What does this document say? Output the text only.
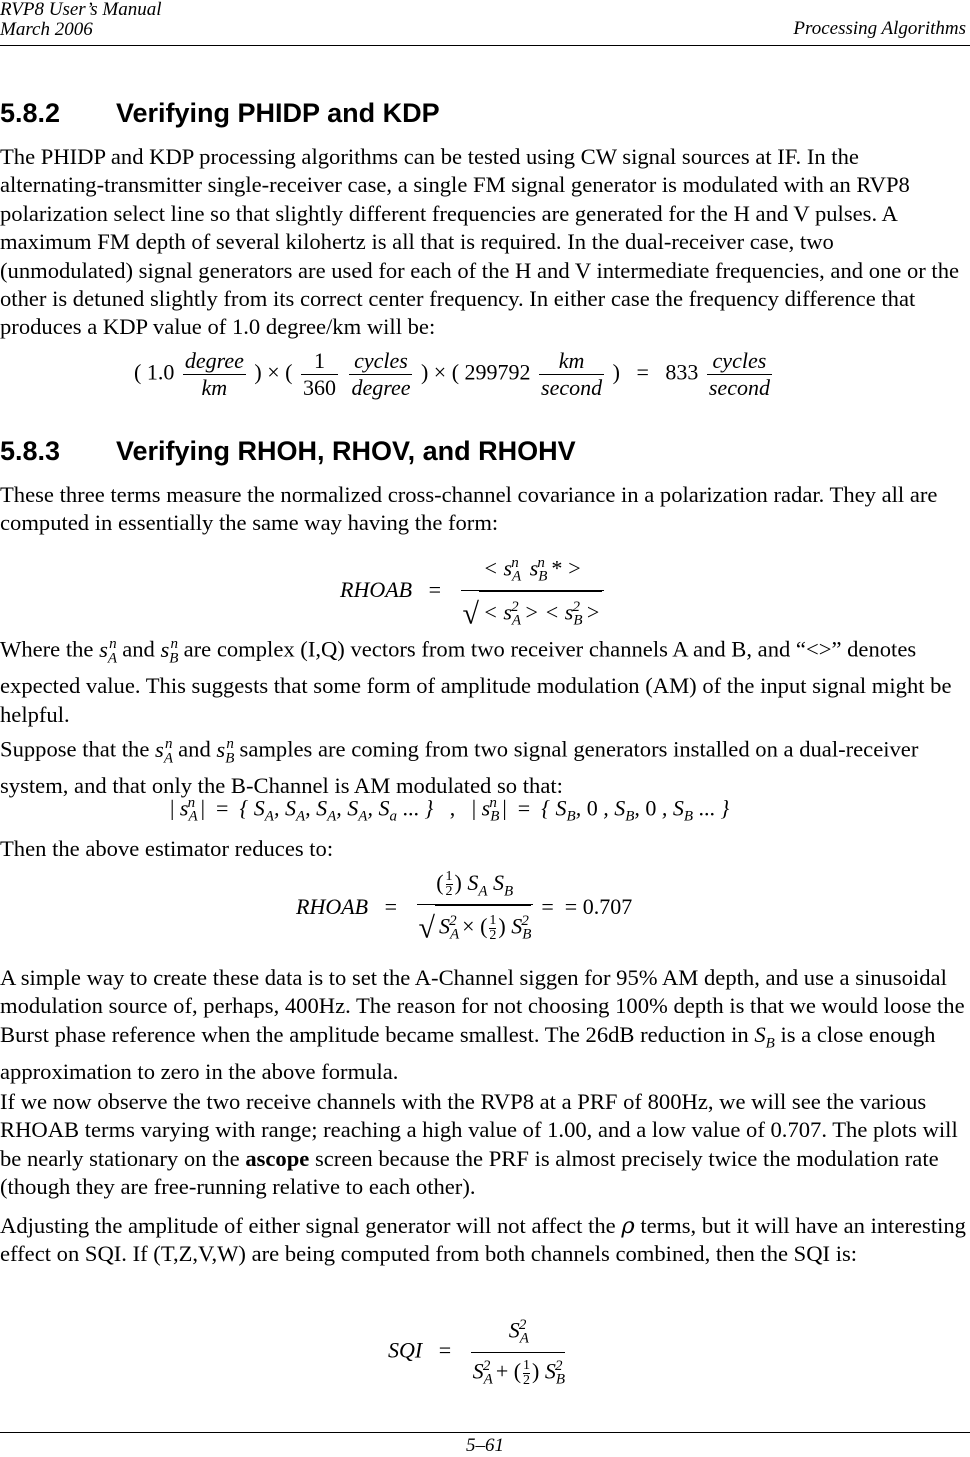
RVP8 User’s Manual
March 2006	Processing Algorithms
5.8.2 Verifying PHIDP and KDP
The PHIDP and KDP processing algorithms can be tested using CW signal sources at IF. In the alternating-transmitter single-receiver case, a single FM signal generator is modulated with an RVP8 polarization select line so that slightly different frequencies are generated for the H and V pulses. A maximum FM depth of several kilohertz is all that is required. In the dual-receiver case, two (unmodulated) signal generators are used for each of the H and V intermediate frequencies, and one or the other is detuned slightly from its correct center frequency. In either case the frequency difference that produces a KDP value of 1.0 degree/km will be:
( $1.0 \frac{\text{degree}}{km}$ ) × ( $\frac{1}{360}$
$\frac{\text{cycles}}{\text{degree}}$ ) × ( $299792 \frac{km}{\text{second}}$ )   =   $833 \frac{\text{cycles}}{\text{second}}$
5.8.3 Verifying RHOH, RHOV, and RHOHV
These three terms measure the normalized cross-channel covariance in a polarization radar. They all are computed in essentially the same way having the form:
RHOAB   = $\frac{< s_A^n s_B^n * >}{√ < s_A^2 > < s_B^2 >}$
Where the $s_A^n$ and $s_B^n$ are complex (I,Q) vectors from two receiver channels A and B, and “<>” denotes expected value. This suggests that some form of amplitude modulation (AM) of the input signal might be helpful.
Suppose that the $s_A^n$ and $s_B^n$ samples are coming from two signal generators installed on a dual-receiver system, and that only the B-Channel is AM modulated so that:
| $s_A^n$ |  =  { $S_A$, $S_A$, $S_A$, $S_A$, $S_a$ ... }   ,   | $s_B^n$ |  =  { $S_B$, 0 , $S_B$, 0 , $S_B$ ... }
Then the above estimator reduces to:
RHOAB   = $\frac{( \frac{1}{2} ) S_A S_B}{√ S_A^2 \times ( \frac{1}{2} ) S_B^2}$ =  = 0.707
A simple way to create these data is to set the A-Channel siggen for 95% AM depth, and use a sinusoidal modulation source of, perhaps, 400Hz. The reason for not choosing 100% depth is that we would loose the Burst phase reference when the amplitude became smallest. The 26dB reduction in $S_B$ is a close enough approximation to zero in the above formula.
If we now observe the two receive channels with the RVP8 at a PRF of 800Hz, we will see the various RHOAB terms varying with range; reaching a high value of 1.00, and a low value of 0.707. The plots will be nearly stationary on the ascope screen because the PRF is almost precisely twice the modulation rate (though they are free-running relative to each other).
Adjusting the amplitude of either signal generator will not affect the ρ terms, but it will have an interesting effect on SQI. If (T,Z,V,W) are being computed from both channels combined, then the SQI is:
SQI   = $\frac{S_A^2}{S_A^2 + ( \frac{1}{2} ) S_B^2}$
5–61
